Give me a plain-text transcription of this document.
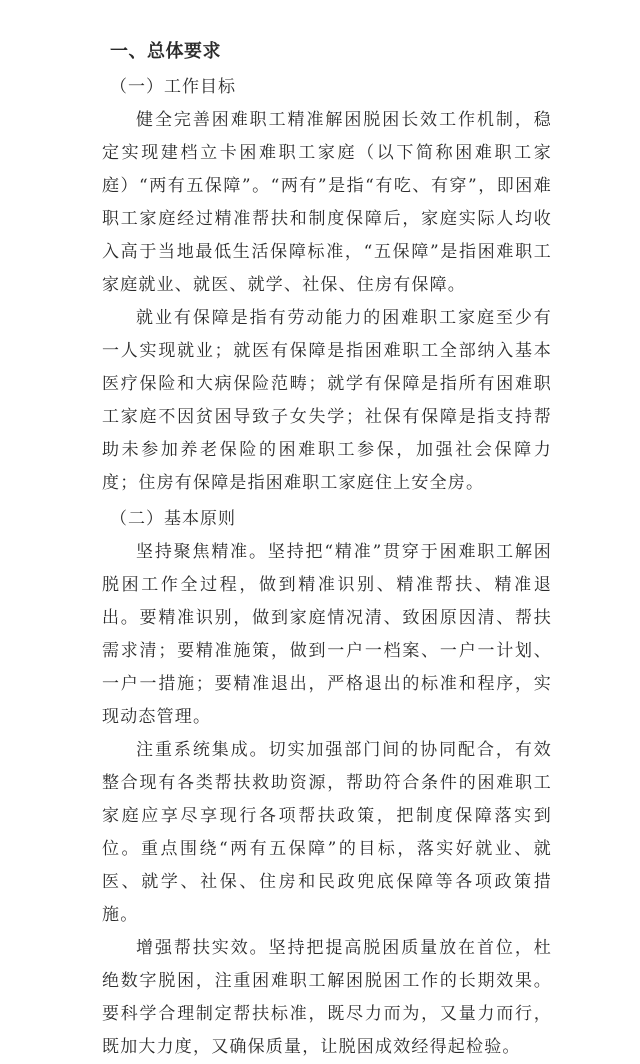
一、总体要求
（一）工作目标

健全完善困难职工精准解困脱困长效工作机制，稳定实现建档立卡困难职工家庭（以下简称困难职工家庭）“两有五保障”。“两有”是指“有吃、有穿”，即困难职工家庭经过精准帮扶和制度保障后，家庭实际人均收入高于当地最低生活保障标准，“五保障”是指困难职工家庭就业、就医、就学、社保、住房有保障。

就业有保障是指有劳动能力的困难职工家庭至少有一人实现就业；就医有保障是指困难职工全部纳入基本医疗保险和大病保险范畴；就学有保障是指所有困难职工家庭不因贫困导致子女失学；社保有保障是指支持帮助未参加养老保险的困难职工参保，加强社会保障力度；住房有保障是指困难职工家庭住上安全房。

（二）基本原则

坚持聚焦精准。坚持把“精准”贯穿于困难职工解困脱困工作全过程，做到精准识别、精准帮扶、精准退出。要精准识别，做到家庭情况清、致困原因清、帮扶需求清；要精准施策，做到一户一档案、一户一计划、一户一措施；要精准退出，严格退出的标准和程序，实现动态管理。

注重系统集成。切实加强部门间的协同配合，有效整合现有各类帮扶救助资源，帮助符合条件的困难职工家庭应享尽享现行各项帮扶政策，把制度保障落实到位。重点围绕“两有五保障”的目标，落实好就业、就医、就学、社保、住房和民政兜底保障等各项政策措施。

增强帮扶实效。坚持把提高脱困质量放在首位，杜绝数字脱困，注重困难职工解困脱困工作的长期效果。要科学合理制定帮扶标准，既尽力而为，又量力而行，既加大力度，又确保质量，让脱困成效经得起检验。
